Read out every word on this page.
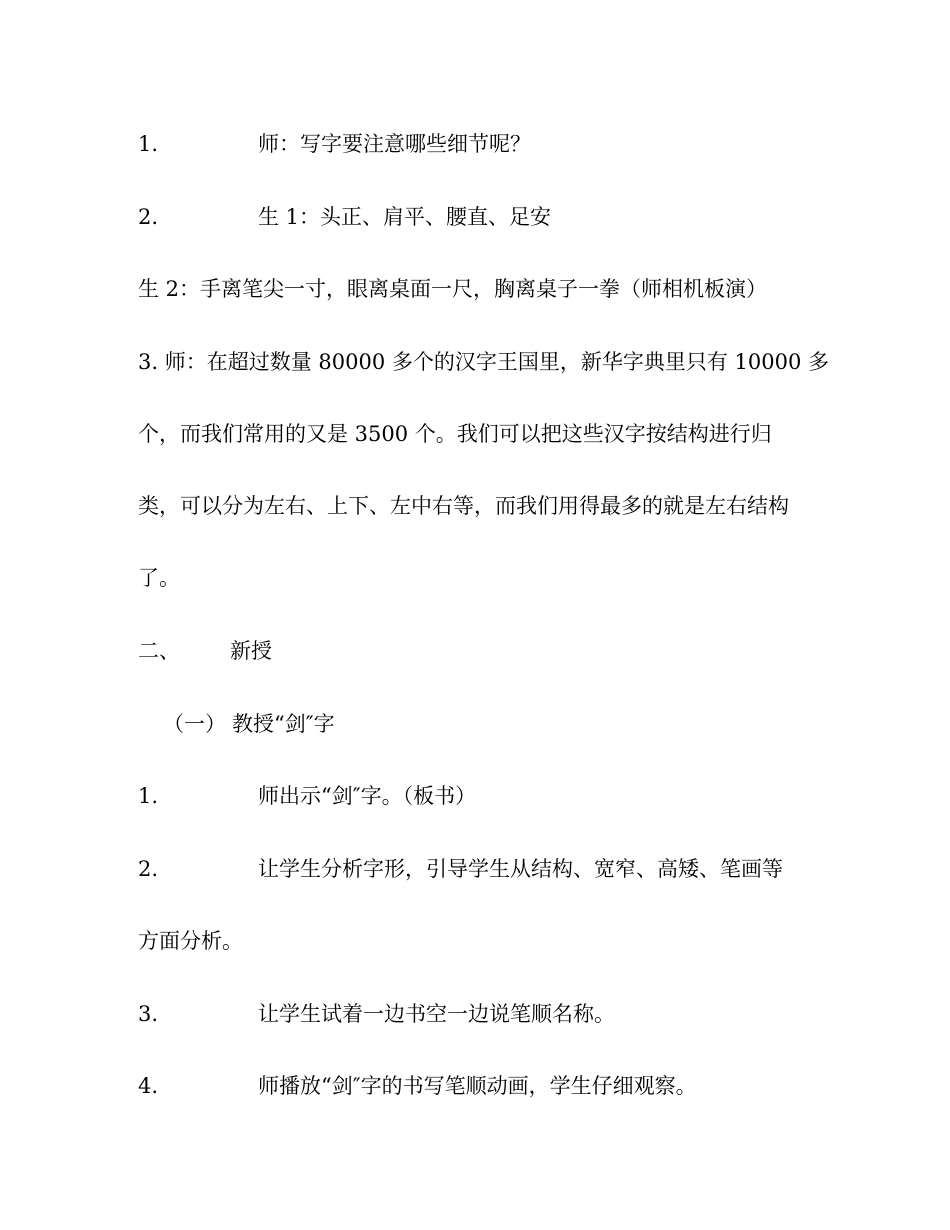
1.	师：写字要注意哪些细节呢？
2.	生 1：头正、肩平、腰直、足安
生 2：手离笔尖一寸，眼离桌面一尺，胸离桌子一拳（师相机板演）
3. 师：在超过数量 80000 多个的汉字王国里，新华字典里只有 10000 多
个，而我们常用的又是 3500 个。我们可以把这些汉字按结构进行归
类，可以分为左右、上下、左中右等，而我们用得最多的就是左右结构
了。
二、 新授
（一） 教授“剑″字
1.	师出示“剑″字。（板书）
2.	让学生分析字形，引导学生从结构、宽窄、高矮、笔画等
方面分析。
3.	让学生试着一边书空一边说笔顺名称。
4.	师播放“剑″字的书写笔顺动画，学生仔细观察。
